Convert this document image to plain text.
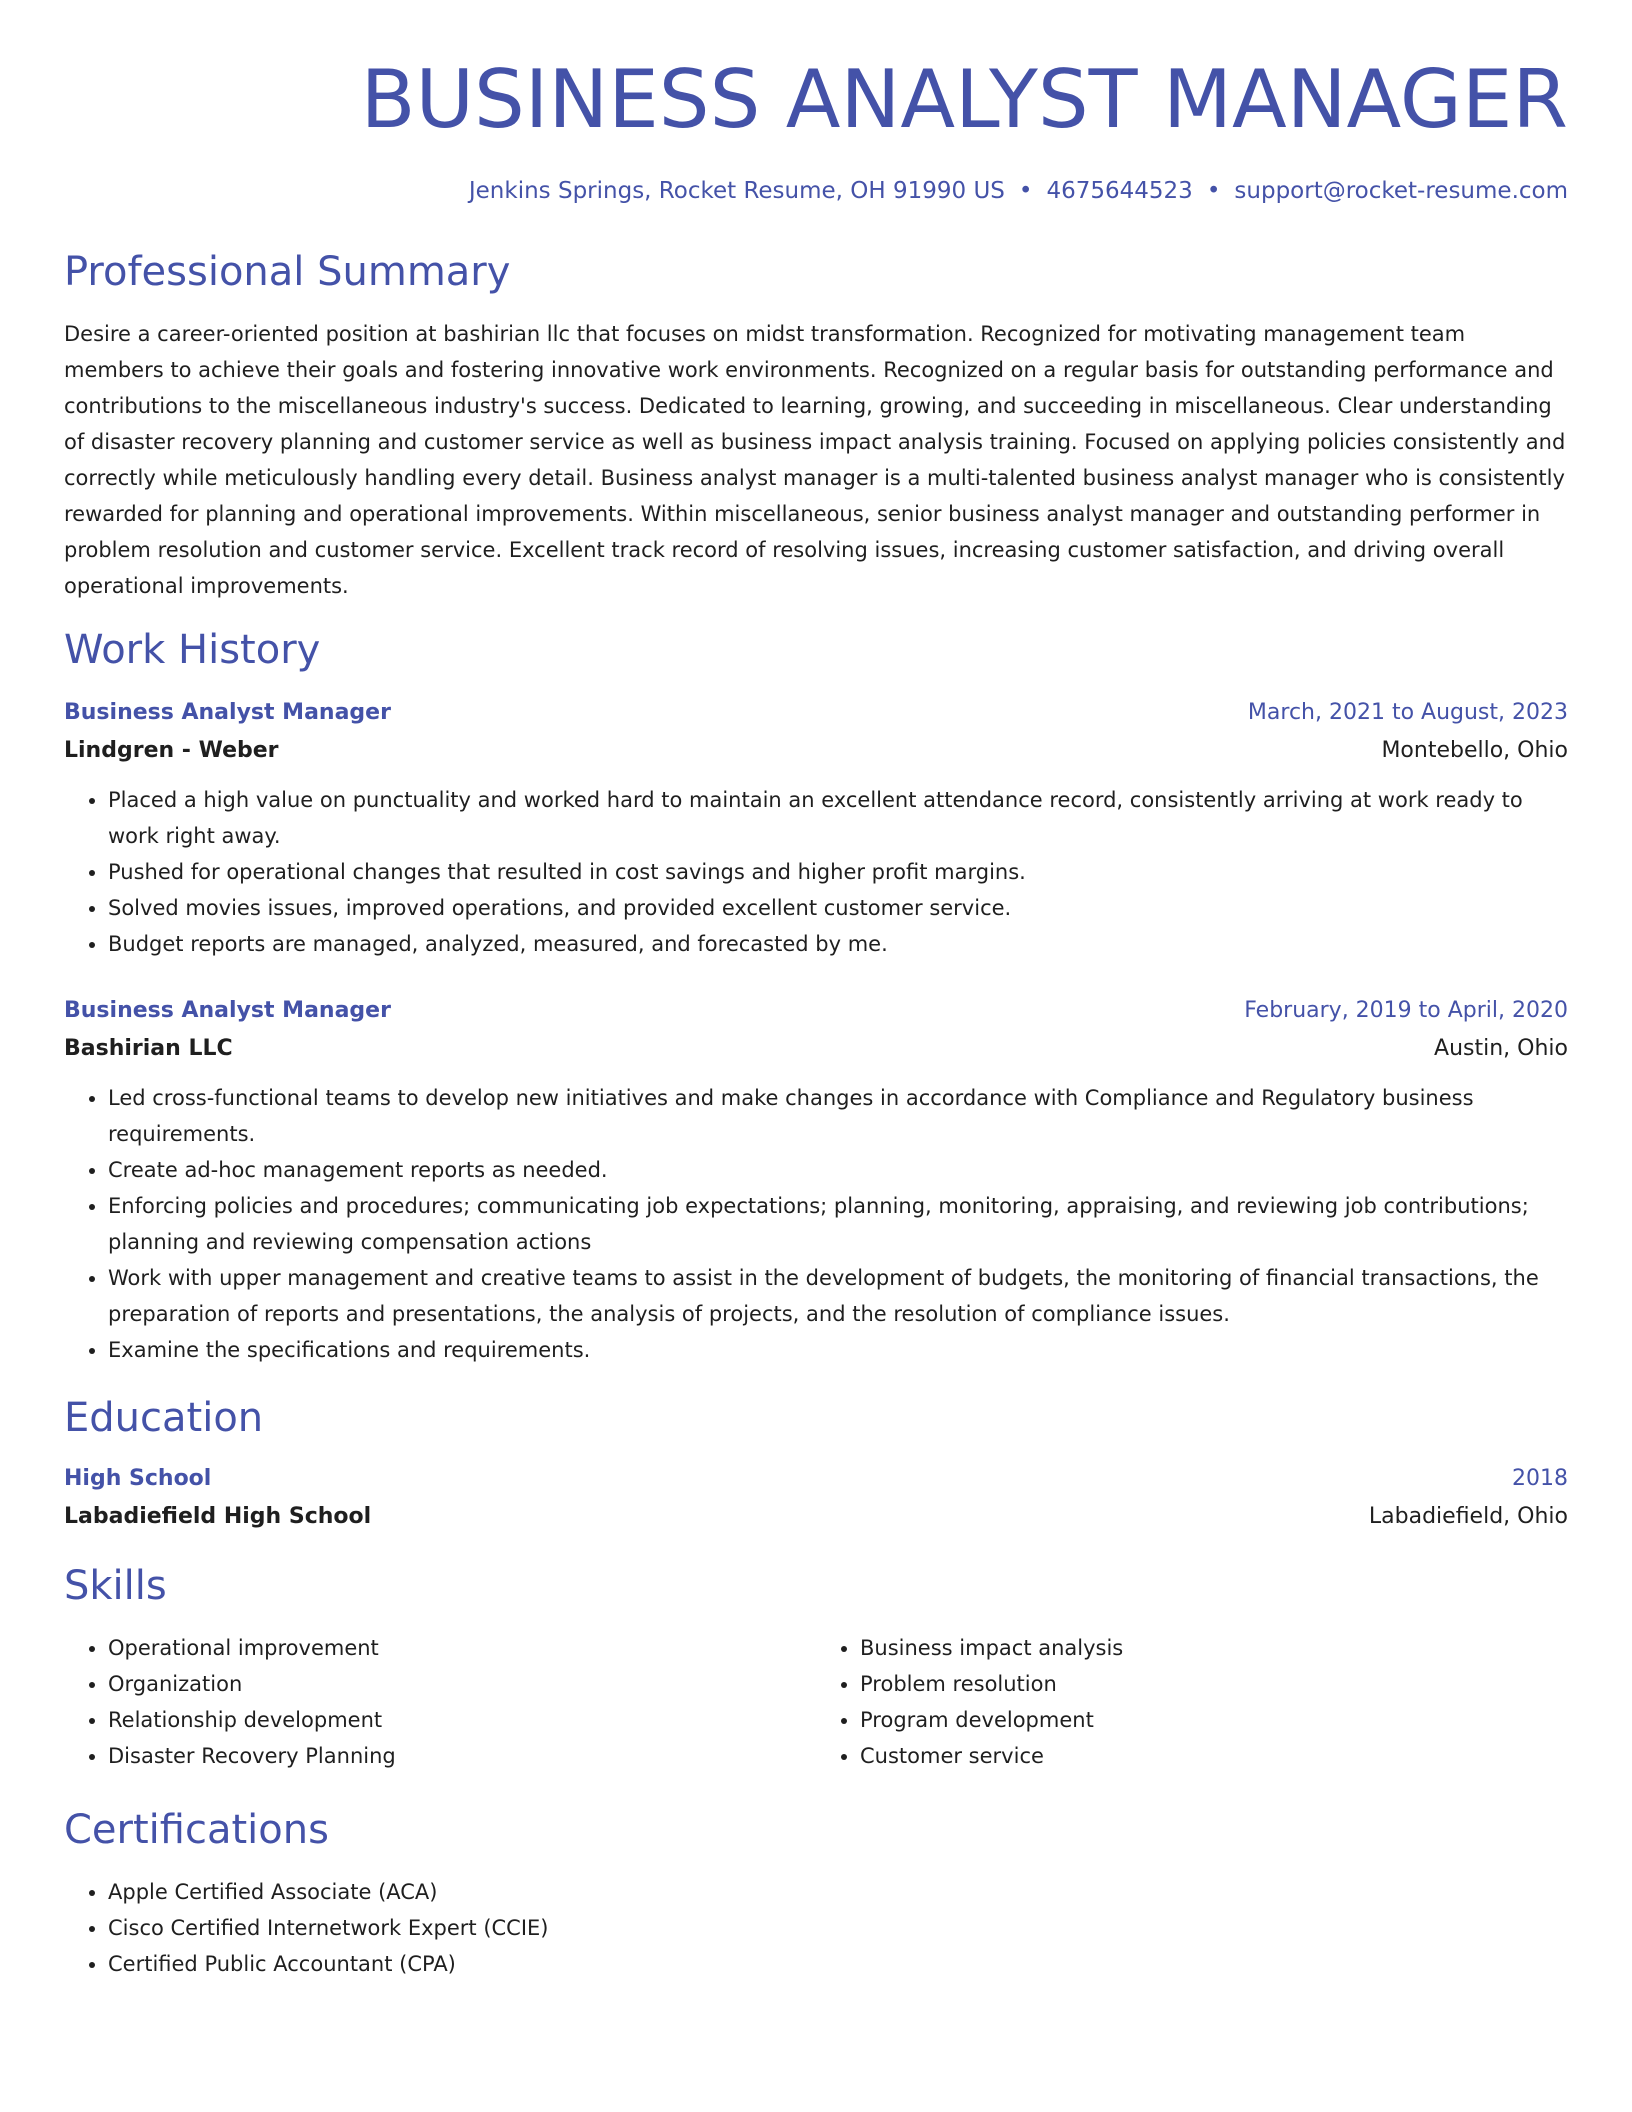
BUSINESS ANALYST MANAGER
Jenkins Springs, Rocket Resume, OH 91990 US • 4675644523 • support@rocket-resume.com
Professional Summary

Desire a career-oriented position at bashirian llc that focuses on midst transformation. Recognized for motivating management team members to achieve their goals and fostering innovative work environments. Recognized on a regular basis for outstanding performance and contributions to the miscellaneous industry's success. Dedicated to learning, growing, and succeeding in miscellaneous. Clear understanding of disaster recovery planning and customer service as well as business impact analysis training. Focused on applying policies consistently and correctly while meticulously handling every detail. Business analyst manager is a multi-talented business analyst manager who is consistently rewarded for planning and operational improvements. Within miscellaneous, senior business analyst manager and outstanding performer in problem resolution and customer service. Excellent track record of resolving issues, increasing customer satisfaction, and driving overall operational improvements.

Work History
Business Analyst Manager	March, 2021 to August, 2023
Lindgren - Weber	Montebello, Ohio
• Placed a high value on punctuality and worked hard to maintain an excellent attendance record, consistently arriving at work ready to work right away.
• Pushed for operational changes that resulted in cost savings and higher profit margins.
• Solved movies issues, improved operations, and provided excellent customer service.
• Budget reports are managed, analyzed, measured, and forecasted by me.
Business Analyst Manager	February, 2019 to April, 2020
Bashirian LLC	Austin, Ohio
• Led cross-functional teams to develop new initiatives and make changes in accordance with Compliance and Regulatory business requirements.
• Create ad-hoc management reports as needed.
• Enforcing policies and procedures; communicating job expectations; planning, monitoring, appraising, and reviewing job contributions; planning and reviewing compensation actions
• Work with upper management and creative teams to assist in the development of budgets, the monitoring of financial transactions, the preparation of reports and presentations, the analysis of projects, and the resolution of compliance issues.
• Examine the specifications and requirements.
Education
High School	2018
Labadiefield High School	Labadiefield, Ohio
Skills
• Operational improvement
• Organization
• Relationship development
• Disaster Recovery Planning
• Business impact analysis
• Problem resolution
• Program development
• Customer service
Certifications
• Apple Certified Associate (ACA)
• Cisco Certified Internetwork Expert (CCIE)
• Certified Public Accountant (CPA)
